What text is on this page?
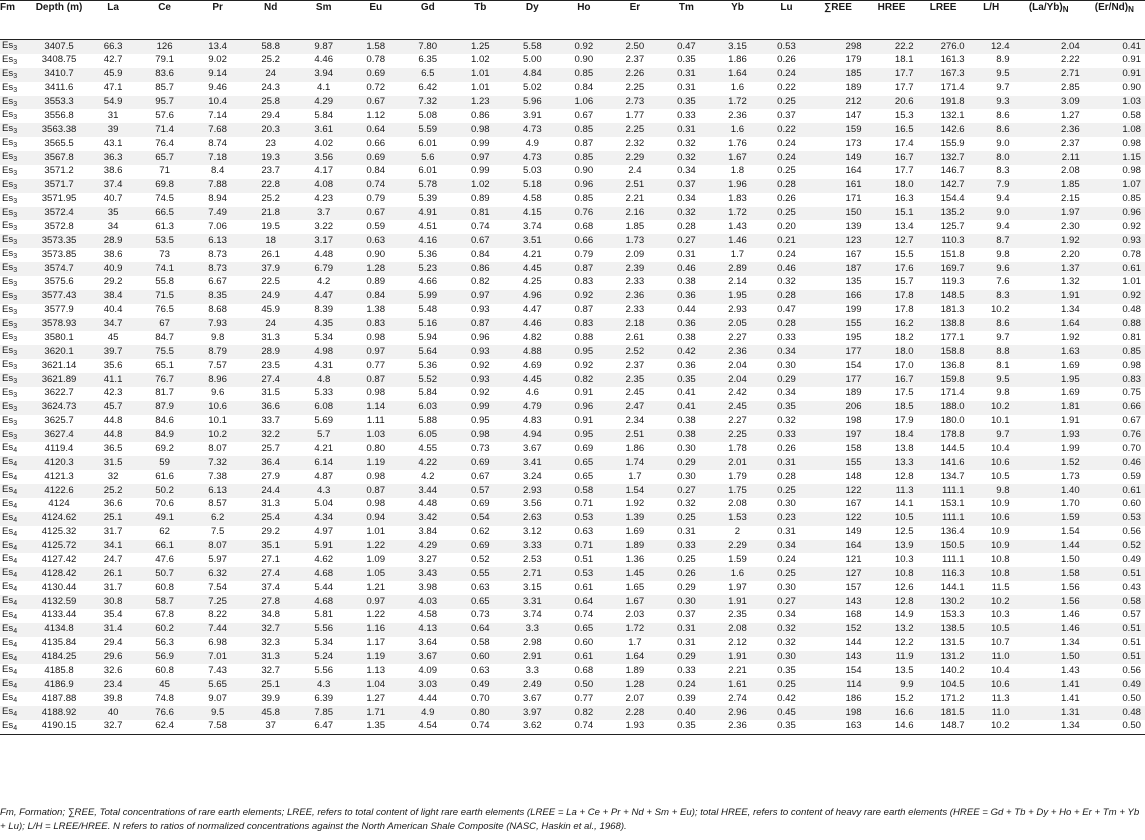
Fm	Depth (m)	La	Ce	Pr	Nd	Sm	Eu	Gd	Tb	Dy	Ho	Er	Tm	Yb	Lu	∑REE	HREE	LREE	L/H	$(La/Yb)_N$	$(Er/Nd)_N$
$Es_3$	3407.5	66.3	126	13.4	58.8	9.87	1.58	7.80	1.25	5.58	0.92	2.50	0.47	3.15	0.53	298	22.2	276.0	12.4	2.04	0.41
$Es_3$	3408.75	42.7	79.1	9.02	25.2	4.46	0.78	6.35	1.02	5.00	0.90	2.37	0.35	1.86	0.26	179	18.1	161.3	8.9	2.22	0.91
$Es_3$	3410.7	45.9	83.6	9.14	24	3.94	0.69	6.5	1.01	4.84	0.85	2.26	0.31	1.64	0.24	185	17.7	167.3	9.5	2.71	0.91
$Es_3$	3411.6	47.1	85.7	9.46	24.3	4.1	0.72	6.42	1.01	5.02	0.84	2.25	0.31	1.6	0.22	189	17.7	171.4	9.7	2.85	0.90
$Es_3$	3553.3	54.9	95.7	10.4	25.8	4.29	0.67	7.32	1.23	5.96	1.06	2.73	0.35	1.72	0.25	212	20.6	191.8	9.3	3.09	1.03
$Es_3$	3556.8	31	57.6	7.14	29.4	5.84	1.12	5.08	0.86	3.91	0.67	1.77	0.33	2.36	0.37	147	15.3	132.1	8.6	1.27	0.58
$Es_3$	3563.38	39	71.4	7.68	20.3	3.61	0.64	5.59	0.98	4.73	0.85	2.25	0.31	1.6	0.22	159	16.5	142.6	8.6	2.36	1.08
$Es_3$	3565.5	43.1	76.4	8.74	23	4.02	0.66	6.01	0.99	4.9	0.87	2.32	0.32	1.76	0.24	173	17.4	155.9	9.0	2.37	0.98
$Es_3$	3567.8	36.3	65.7	7.18	19.3	3.56	0.69	5.6	0.97	4.73	0.85	2.29	0.32	1.67	0.24	149	16.7	132.7	8.0	2.11	1.15
$Es_3$	3571.2	38.6	71	8.4	23.7	4.17	0.84	6.01	0.99	5.03	0.90	2.4	0.34	1.8	0.25	164	17.7	146.7	8.3	2.08	0.98
$Es_3$	3571.7	37.4	69.8	7.88	22.8	4.08	0.74	5.78	1.02	5.18	0.96	2.51	0.37	1.96	0.28	161	18.0	142.7	7.9	1.85	1.07
$Es_3$	3571.95	40.7	74.5	8.94	25.2	4.23	0.79	5.39	0.89	4.58	0.85	2.21	0.34	1.83	0.26	171	16.3	154.4	9.4	2.15	0.85
$Es_3$	3572.4	35	66.5	7.49	21.8	3.7	0.67	4.91	0.81	4.15	0.76	2.16	0.32	1.72	0.25	150	15.1	135.2	9.0	1.97	0.96
$Es_3$	3572.8	34	61.3	7.06	19.5	3.22	0.59	4.51	0.74	3.74	0.68	1.85	0.28	1.43	0.20	139	13.4	125.7	9.4	2.30	0.92
$Es_3$	3573.35	28.9	53.5	6.13	18	3.17	0.63	4.16	0.67	3.51	0.66	1.73	0.27	1.46	0.21	123	12.7	110.3	8.7	1.92	0.93
$Es_3$	3573.85	38.6	73	8.73	26.1	4.48	0.90	5.36	0.84	4.21	0.79	2.09	0.31	1.7	0.24	167	15.5	151.8	9.8	2.20	0.78
$Es_3$	3574.7	40.9	74.1	8.73	37.9	6.79	1.28	5.23	0.86	4.45	0.87	2.39	0.46	2.89	0.46	187	17.6	169.7	9.6	1.37	0.61
$Es_3$	3575.6	29.2	55.8	6.67	22.5	4.2	0.89	4.66	0.82	4.25	0.83	2.33	0.38	2.14	0.32	135	15.7	119.3	7.6	1.32	1.01
$Es_3$	3577.43	38.4	71.5	8.35	24.9	4.47	0.84	5.99	0.97	4.96	0.92	2.36	0.36	1.95	0.28	166	17.8	148.5	8.3	1.91	0.92
$Es_3$	3577.9	40.4	76.5	8.68	45.9	8.39	1.38	5.48	0.93	4.47	0.87	2.33	0.44	2.93	0.47	199	17.8	181.3	10.2	1.34	0.48
$Es_3$	3578.93	34.7	67	7.93	24	4.35	0.83	5.16	0.87	4.46	0.83	2.18	0.36	2.05	0.28	155	16.2	138.8	8.6	1.64	0.88
$Es_3$	3580.1	45	84.7	9.8	31.3	5.34	0.98	5.94	0.96	4.82	0.88	2.61	0.38	2.27	0.33	195	18.2	177.1	9.7	1.92	0.81
$Es_3$	3620.1	39.7	75.5	8.79	28.9	4.98	0.97	5.64	0.93	4.88	0.95	2.52	0.42	2.36	0.34	177	18.0	158.8	8.8	1.63	0.85
$Es_3$	3621.14	35.6	65.1	7.57	23.5	4.31	0.77	5.36	0.92	4.69	0.92	2.37	0.36	2.04	0.30	154	17.0	136.8	8.1	1.69	0.98
$Es_3$	3621.89	41.1	76.7	8.96	27.4	4.8	0.87	5.52	0.93	4.45	0.82	2.35	0.35	2.04	0.29	177	16.7	159.8	9.5	1.95	0.83
$Es_3$	3622.7	42.3	81.7	9.6	31.5	5.33	0.98	5.84	0.92	4.6	0.91	2.45	0.41	2.42	0.34	189	17.5	171.4	9.8	1.69	0.75
$Es_3$	3624.73	45.7	87.9	10.6	36.6	6.08	1.14	6.03	0.99	4.79	0.96	2.47	0.41	2.45	0.35	206	18.5	188.0	10.2	1.81	0.66
$Es_3$	3625.7	44.8	84.6	10.1	33.7	5.69	1.11	5.88	0.95	4.83	0.91	2.34	0.38	2.27	0.32	198	17.9	180.0	10.1	1.91	0.67
$Es_3$	3627.4	44.8	84.9	10.2	32.2	5.7	1.03	6.05	0.98	4.94	0.95	2.51	0.38	2.25	0.33	197	18.4	178.8	9.7	1.93	0.76
$Es_4$	4119.4	36.5	69.2	8.07	25.7	4.21	0.80	4.55	0.73	3.67	0.69	1.86	0.30	1.78	0.26	158	13.8	144.5	10.4	1.99	0.70
$Es_4$	4120.3	31.5	59	7.32	36.4	6.14	1.19	4.22	0.69	3.41	0.65	1.74	0.29	2.01	0.31	155	13.3	141.6	10.6	1.52	0.46
$Es_4$	4121.3	32	61.6	7.38	27.9	4.87	0.98	4.2	0.67	3.24	0.65	1.7	0.30	1.79	0.28	148	12.8	134.7	10.5	1.73	0.59
$Es_4$	4122.6	25.2	50.2	6.13	24.4	4.3	0.87	3.44	0.57	2.93	0.58	1.54	0.27	1.75	0.25	122	11.3	111.1	9.8	1.40	0.61
$Es_4$	4124	36.6	70.6	8.57	31.3	5.04	0.98	4.48	0.69	3.56	0.71	1.92	0.32	2.08	0.30	167	14.1	153.1	10.9	1.70	0.60
$Es_4$	4124.62	25.1	49.1	6.2	25.4	4.34	0.94	3.42	0.54	2.63	0.53	1.39	0.25	1.53	0.23	122	10.5	111.1	10.6	1.59	0.53
$Es_4$	4125.32	31.7	62	7.5	29.2	4.97	1.01	3.84	0.62	3.12	0.63	1.69	0.31	2	0.31	149	12.5	136.4	10.9	1.54	0.56
$Es_4$	4125.72	34.1	66.1	8.07	35.1	5.91	1.22	4.29	0.69	3.33	0.71	1.89	0.33	2.29	0.34	164	13.9	150.5	10.9	1.44	0.52
$Es_4$	4127.42	24.7	47.6	5.97	27.1	4.62	1.09	3.27	0.52	2.53	0.51	1.36	0.25	1.59	0.24	121	10.3	111.1	10.8	1.50	0.49
$Es_4$	4128.42	26.1	50.7	6.32	27.4	4.68	1.05	3.43	0.55	2.71	0.53	1.45	0.26	1.6	0.25	127	10.8	116.3	10.8	1.58	0.51
$Es_4$	4130.44	31.7	60.8	7.54	37.4	5.44	1.21	3.98	0.63	3.15	0.61	1.65	0.29	1.97	0.30	157	12.6	144.1	11.5	1.56	0.43
$Es_4$	4132.59	30.8	58.7	7.25	27.8	4.68	0.97	4.03	0.65	3.31	0.64	1.67	0.30	1.91	0.27	143	12.8	130.2	10.2	1.56	0.58
$Es_4$	4133.44	35.4	67.8	8.22	34.8	5.81	1.22	4.58	0.73	3.74	0.74	2.03	0.37	2.35	0.34	168	14.9	153.3	10.3	1.46	0.57
$Es_4$	4134.8	31.4	60.2	7.44	32.7	5.56	1.16	4.13	0.64	3.3	0.65	1.72	0.31	2.08	0.32	152	13.2	138.5	10.5	1.46	0.51
$Es_4$	4135.84	29.4	56.3	6.98	32.3	5.34	1.17	3.64	0.58	2.98	0.60	1.7	0.31	2.12	0.32	144	12.2	131.5	10.7	1.34	0.51
$Es_4$	4184.25	29.6	56.9	7.01	31.3	5.24	1.19	3.67	0.60	2.91	0.61	1.64	0.29	1.91	0.30	143	11.9	131.2	11.0	1.50	0.51
$Es_4$	4185.8	32.6	60.8	7.43	32.7	5.56	1.13	4.09	0.63	3.3	0.68	1.89	0.33	2.21	0.35	154	13.5	140.2	10.4	1.43	0.56
$Es_4$	4186.9	23.4	45	5.65	25.1	4.3	1.04	3.03	0.49	2.49	0.50	1.28	0.24	1.61	0.25	114	9.9	104.5	10.6	1.41	0.49
$Es_4$	4187.88	39.8	74.8	9.07	39.9	6.39	1.27	4.44	0.70	3.67	0.77	2.07	0.39	2.74	0.42	186	15.2	171.2	11.3	1.41	0.50
$Es_4$	4188.92	40	76.6	9.5	45.8	7.85	1.71	4.9	0.80	3.97	0.82	2.28	0.40	2.96	0.45	198	16.6	181.5	11.0	1.31	0.48
$Es_4$	4190.15	32.7	62.4	7.58	37	6.47	1.35	4.54	0.74	3.62	0.74	1.93	0.35	2.36	0.35	163	14.6	148.7	10.2	1.34	0.50
Fm, Formation; ∑REE, Total concentrations of rare earth elements; LREE, refers to total content of light rare earth elements (LREE = La + Ce + Pr + Nd + Sm + Eu); total HREE, refers to content of heavy rare earth elements (HREE = Gd + Tb + Dy + Ho + Er + Tm + Yb + Lu); L/H = LREE/HREE. N refers to ratios of normalized concentrations against the North American Shale Composite (NASC, Haskin et al., 1968).
